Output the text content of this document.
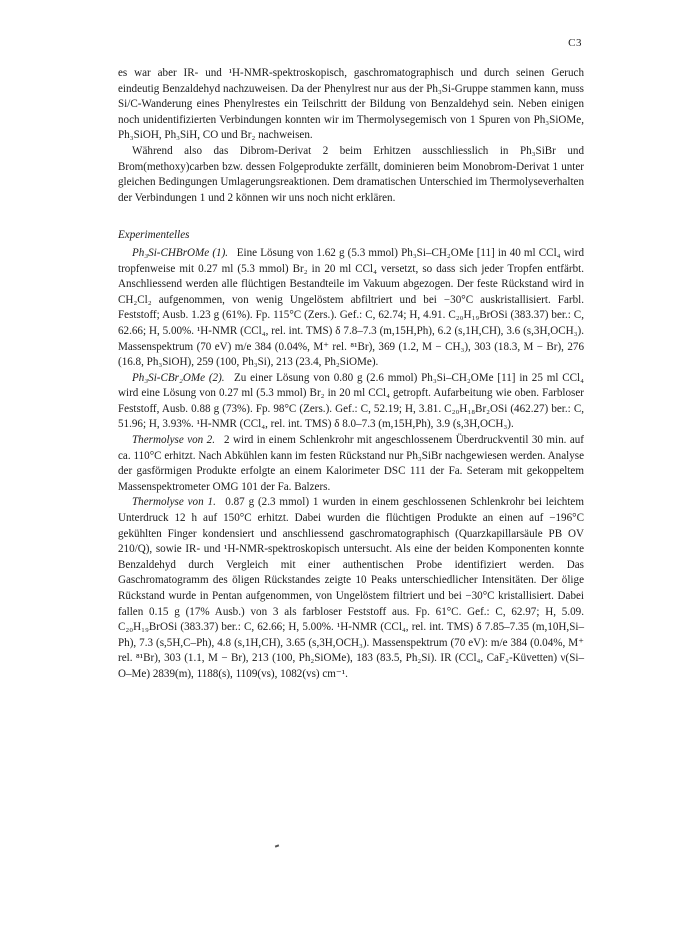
C3

es war aber IR- und ¹H-NMR-spektroskopisch, gaschromatographisch und durch seinen Geruch eindeutig Benzaldehyd nachzuweisen. Da der Phenylrest nur aus der Ph₃Si-Gruppe stammen kann, muss Si/C-Wanderung eines Phenylrestes ein Teilschritt der Bildung von Benzaldehyd sein. Neben einigen noch unidentifizierten Verbindungen konnten wir im Thermolysegemisch von 1 Spuren von Ph₃SiOMe, Ph₃SiOH, Ph₃SiH, CO und Br₂ nachweisen.

Während also das Dibrom-Derivat 2 beim Erhitzen ausschliesslich in Ph₃SiBr und Brom(methoxy)carben bzw. dessen Folgeprodukte zerfällt, dominieren beim Monobrom-Derivat 1 unter gleichen Bedingungen Umlagerungsreaktionen. Dem dramatischen Unterschied im Thermolyseverhalten der Verbindungen 1 und 2 können wir uns noch nicht erklären.

Experimentelles

Ph₃Si-CHBrOMe (1).  Eine Lösung von 1.62 g (5.3 mmol) Ph₃Si–CH₂OMe [11] in 40 ml CCl₄ wird tropfenweise mit 0.27 ml (5.3 mmol) Br₂ in 20 ml CCl₄ versetzt, so dass sich jeder Tropfen entfärbt. Anschliessend werden alle flüchtigen Bestandteile im Vakuum abgezogen. Der feste Rückstand wird in CH₂Cl₂ aufgenommen, von wenig Ungelöstem abfiltriert und bei −30°C auskristallisiert. Farbl. Feststoff; Ausb. 1.23 g (61%). Fp. 115°C (Zers.). Gef.: C, 62.74; H, 4.91. C₂₀H₁₉BrOSi (383.37) ber.: C, 62.66; H, 5.00%. ¹H-NMR (CCl₄, rel. int. TMS) δ 7.8–7.3 (m,15H,Ph), 6.2 (s,1H,CH), 3.6 (s,3H,OCH₃). Massenspektrum (70 eV) m/e 384 (0.04%, M⁺ rel. ⁸¹Br), 369 (1.2, M − CH₃), 303 (18.3, M − Br), 276 (16.8, Ph₃SiOH), 259 (100, Ph₃Si), 213 (23.4, Ph₂SiOMe).

Ph₃Si-CBr₂OMe (2).  Zu einer Lösung von 0.80 g (2.6 mmol) Ph₃Si–CH₂OMe [11] in 25 ml CCl₄ wird eine Lösung von 0.27 ml (5.3 mmol) Br₂ in 20 ml CCl₄ getropft. Aufarbeitung wie oben. Farbloser Feststoff, Ausb. 0.88 g (73%). Fp. 98°C (Zers.). Gef.: C, 52.19; H, 3.81. C₂₀H₁₈Br₂OSi (462.27) ber.: C, 51.96; H, 3.93%. ¹H-NMR (CCl₄, rel. int. TMS) δ 8.0–7.3 (m,15H,Ph), 3.9 (s,3H,OCH₃).

Thermolyse von 2.  2 wird in einem Schlenkrohr mit angeschlossenem Überdruckventil 30 min. auf ca. 110°C erhitzt. Nach Abkühlen kann im festen Rückstand nur Ph₃SiBr nachgewiesen werden. Analyse der gasförmigen Produkte erfolgte an einem Kalorimeter DSC 111 der Fa. Seteram mit gekoppeltem Massenspektrometer OMG 101 der Fa. Balzers.

Thermolyse von 1.  0.87 g (2.3 mmol) 1 wurden in einem geschlossenen Schlenkrohr bei leichtem Unterdruck 12 h auf 150°C erhitzt. Dabei wurden die flüchtigen Produkte an einen auf −196°C gekühlten Finger kondensiert und anschliessend gaschromatographisch (Quarzkapillarsäule PB OV 210/Q), sowie IR- und ¹H-NMR-spektroskopisch untersucht. Als eine der beiden Komponenten konnte Benzaldehyd durch Vergleich mit einer authentischen Probe identifiziert werden. Das Gaschromatogramm des öligen Rückstandes zeigte 10 Peaks unterschiedlicher Intensitäten. Der ölige Rückstand wurde in Pentan aufgenommen, von Ungelöstem filtriert und bei −30°C kristallisiert. Dabei fallen 0.15 g (17% Ausb.) von 3 als farbloser Feststoff aus. Fp. 61°C. Gef.: C, 62.97; H, 5.09. C₂₀H₁₉BrOSi (383.37) ber.: C, 62.66; H, 5.00%. ¹H-NMR (CCl₄, rel. int. TMS) δ 7.85–7.35 (m,10H,Si–Ph), 7.3 (s,5H,C–Ph), 4.8 (s,1H,CH), 3.65 (s,3H,OCH₃). Massenspektrum (70 eV): m/e 384 (0.04%, M⁺ rel. ⁸¹Br), 303 (1.1, M − Br), 213 (100, Ph₂SiOMe), 183 (83.5, Ph₂Si). IR (CCl₄, CaF₂-Küvetten) ν(Si–O–Me) 2839(m), 1188(s), 1109(vs), 1082(vs) cm⁻¹.
